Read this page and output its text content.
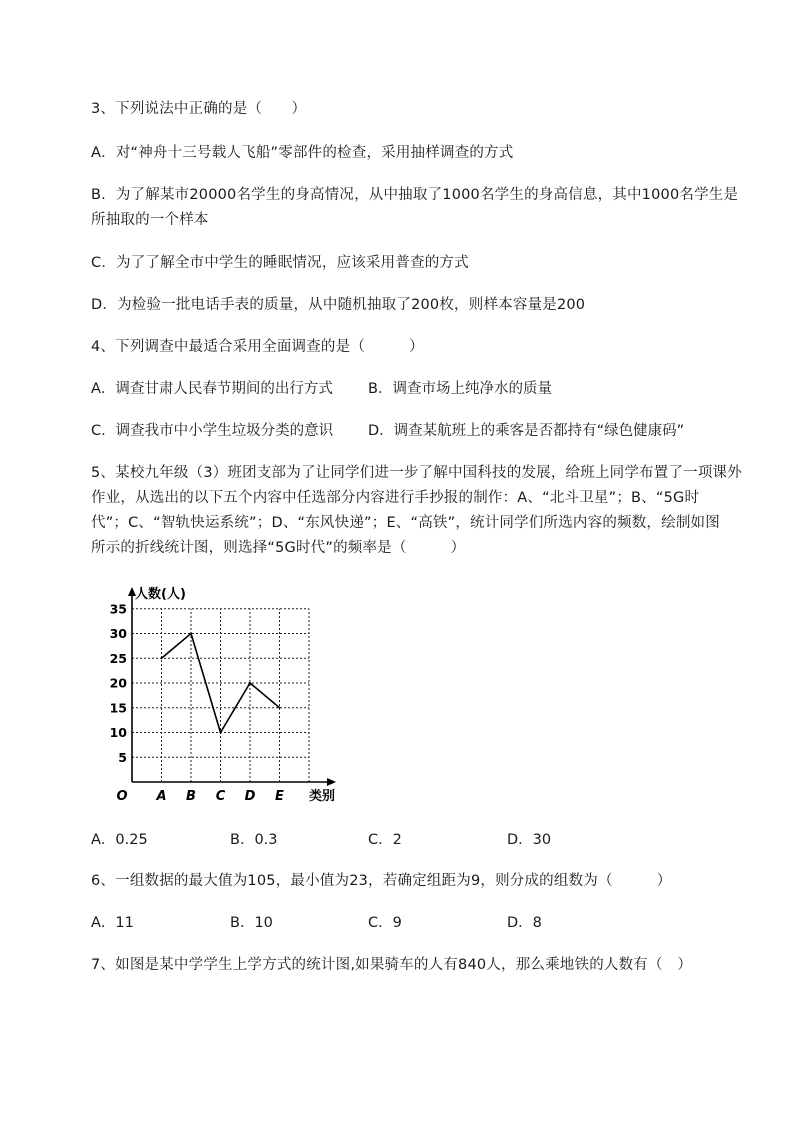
3、下列说法中正确的是（　　）
A．对“神舟十三号载人飞船”零部件的检查，采用抽样调查的方式
B．为了解某市20000名学生的身高情况，从中抽取了1000名学生的身高信息，其中1000名学生是
所抽取的一个样本
C．为了了解全市中学生的睡眠情况，应该采用普查的方式
D．为检验一批电话手表的质量，从中随机抽取了200枚，则样本容量是200
4、下列调查中最适合采用全面调查的是（　　　）
A．调查甘肃人民春节期间的出行方式 B．调查市场上纯净水的质量
C．调查我市中小学生垃圾分类的意识 D．调查某航班上的乘客是否都持有“绿色健康码”
5、某校九年级（3）班团支部为了让同学们进一步了解中国科技的发展，给班上同学布置了一项课外
作业，从选出的以下五个内容中任选部分内容进行手抄报的制作：A、“北斗卫星”；B、“5G时
代”；C、“智轨快运系统”；D、“东风快递”；E、“高铁”，统计同学们所选内容的频数，绘制如图
所示的折线统计图，则选择“5G时代”的频率是（　　　）
人数(人)
类别
O
5
10
15
20
25
30
35
A B C D E
A．0.25	B．0.3	C．2	D．30
6、一组数据的最大值为105，最小值为23，若确定组距为9，则分成的组数为（　　　）
A．11	B．10	C．9	D．8
7、如图是某中学学生上学方式的统计图,如果骑车的人有840人，那么乘地铁的人数有（　）
